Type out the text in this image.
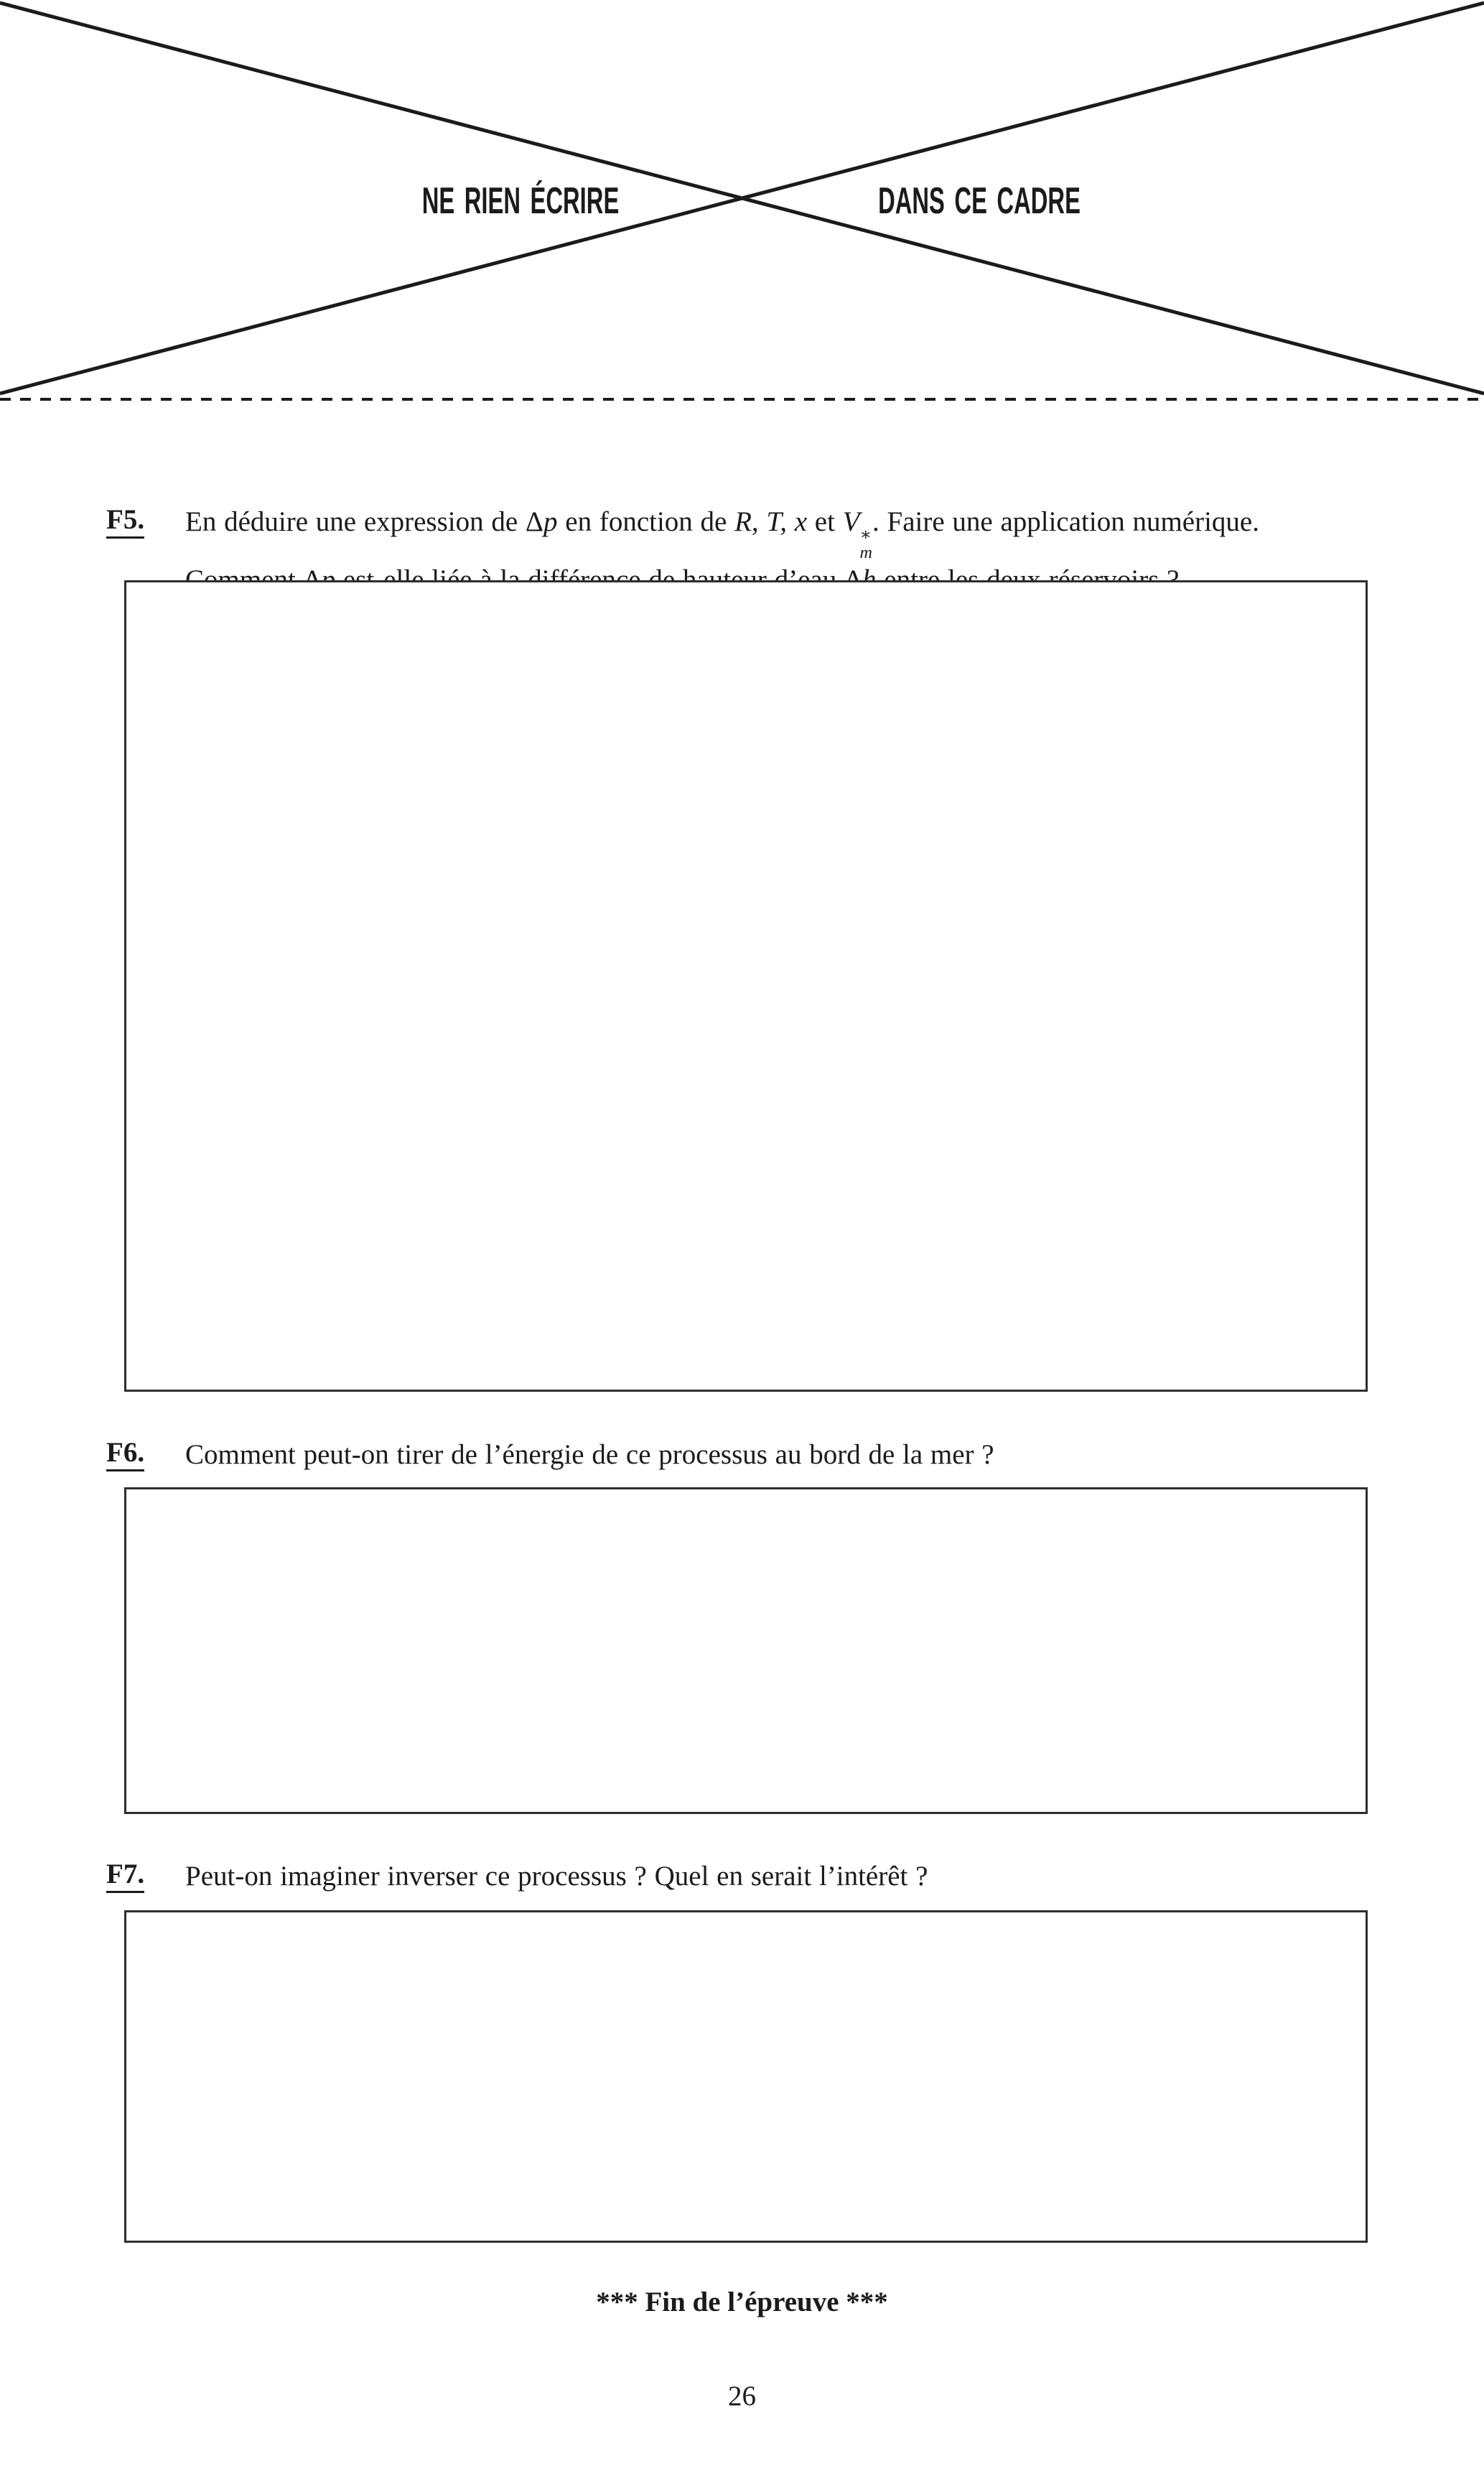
NE RIEN ÉCRIRE	DANS CE CADRE
F5. En déduire une expression de Δp en fonction de R, T, x et V ∗
m
. Faire une application numérique.
F6. Comment peut-on tirer de l’énergie de ce processus au bord de la mer ?
F7. Peut-on imaginer inverser ce processus ? Quel en serait l’intérêt ?
*** Fin de l’épreuve ***
26
